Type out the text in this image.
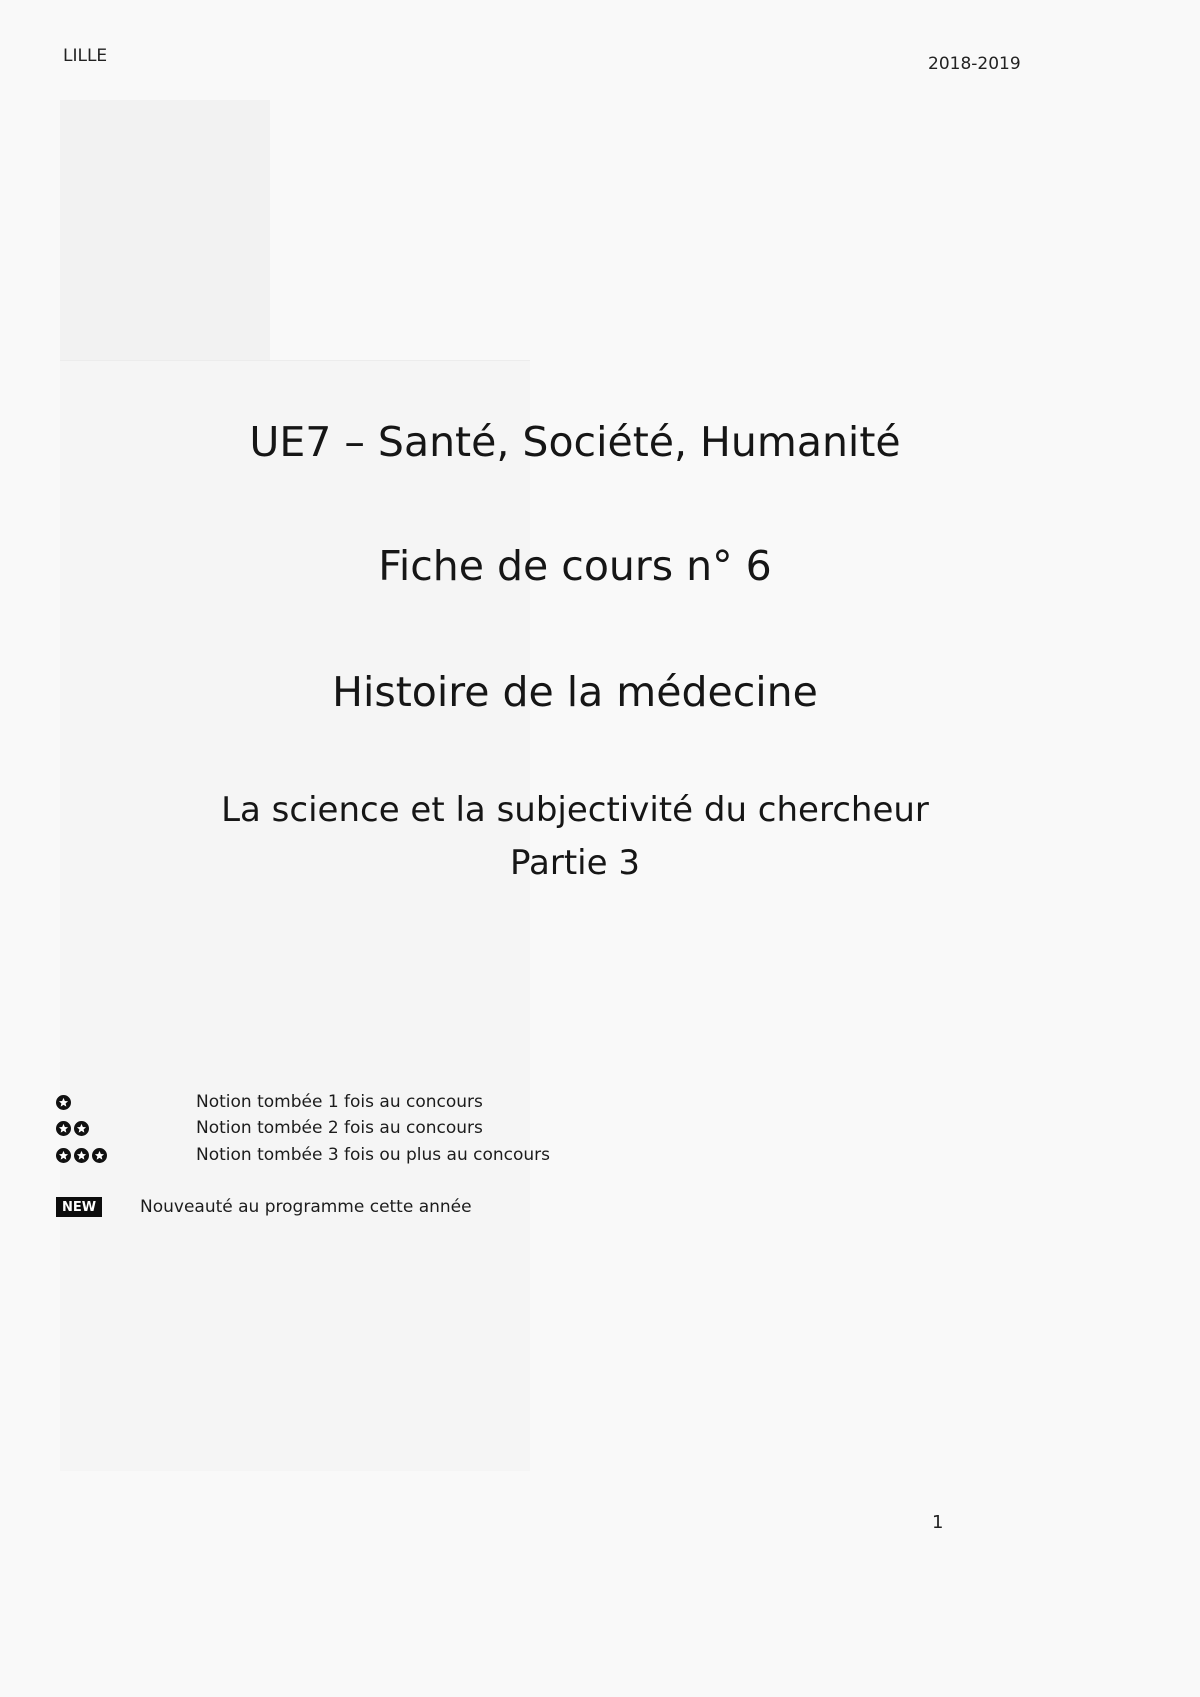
LILLE	2018-2019
UE7 – Santé, Société, Humanité
Fiche de cours n° 6
Histoire de la médecine
La science et la subjectivité du chercheur
Partie 3
Notion tombée 1 fois au concours
Notion tombée 2 fois au concours
Notion tombée 3 fois ou plus au concours
NEW	Nouveauté au programme cette année
1
